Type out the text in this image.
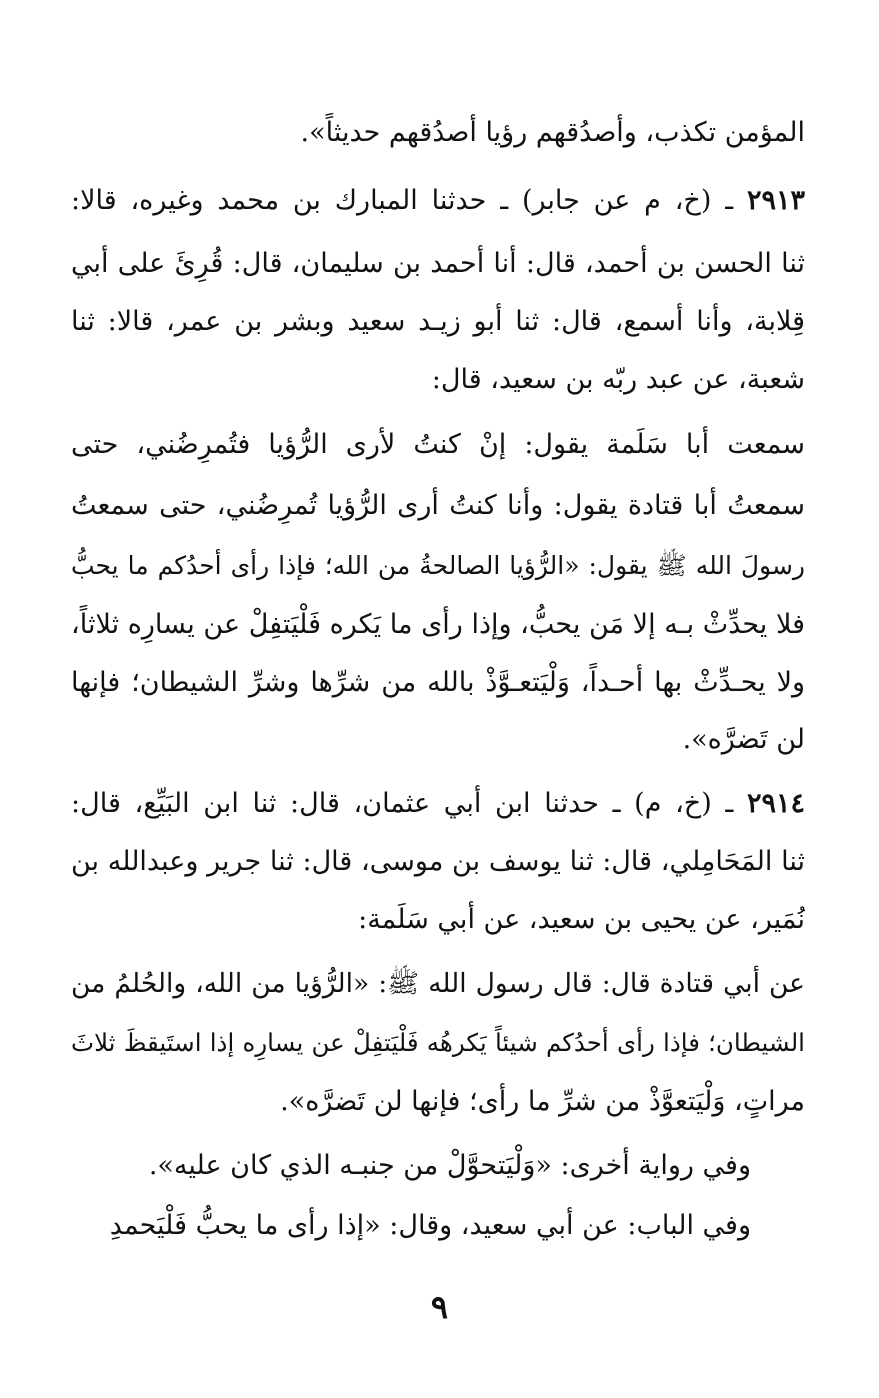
المؤمن تكذب، وأصدُقهم رؤيا أصدُقهم حديثاً».
٢٩١٣ ـ (خ، م عن جابر) ـ حدثنا المبارك بن محمد وغيره، قالا:
ثنا الحسن بن أحمد، قال: أنا أحمد بن سليمان، قال: قُرِئَ على أبي
قِلابة، وأنا أسمع، قال: ثنا أبو زيـد سعيد وبشر بن عمر، قالا: ثنا
شعبة، عن عبد ربّه بن سعيد، قال:
سمعت أبا سَلَمة يقول: إنْ كنتُ لأرى الرُّؤيا فتُمرِضُني، حتى
سمعتُ أبا قتادة يقول: وأنا كنتُ أرى الرُّؤيا تُمرِضُني، حتى سمعتُ
رسولَ الله ﷺ يقول: «الرُّؤيا الصالحةُ من الله؛ فإذا رأى أحدُكم ما يحبُّ
فلا يحدِّثْ بـه إلا مَن يحبُّ، وإذا رأى ما يَكره فَلْيَتفِلْ عن يسارِه ثلاثاً،
ولا يحـدِّثْ بها أحـداً، وَلْيَتعـوَّذْ بالله من شرِّها وشرِّ الشيطان؛ فإنها
لن تَضرَّه».
٢٩١٤ ـ (خ، م) ـ حدثنا ابن أبي عثمان، قال: ثنا ابن البَيِّع، قال:
ثنا المَحَامِلي، قال: ثنا يوسف بن موسى، قال: ثنا جرير وعبدالله بن
نُمَير، عن يحيى بن سعيد، عن أبي سَلَمة:
عن أبي قتادة قال: قال رسول الله ﷺ: «الرُّؤيا من الله، والحُلمُ من
الشيطان؛ فإذا رأى أحدُكم شيئاً يَكرهُه فَلْيَتفِلْ عن يسارِه إذا استَيقظَ ثلاثَ
مراتٍ، وَلْيَتعوَّذْ من شرِّ ما رأى؛ فإنها لن تَضرَّه».
وفي رواية أخرى: «وَلْيَتحوَّلْ من جنبـه الذي كان عليه».
وفي الباب: عن أبي سعيد، وقال: «إذا رأى ما يحبُّ فَلْيَحمدِ
٩
